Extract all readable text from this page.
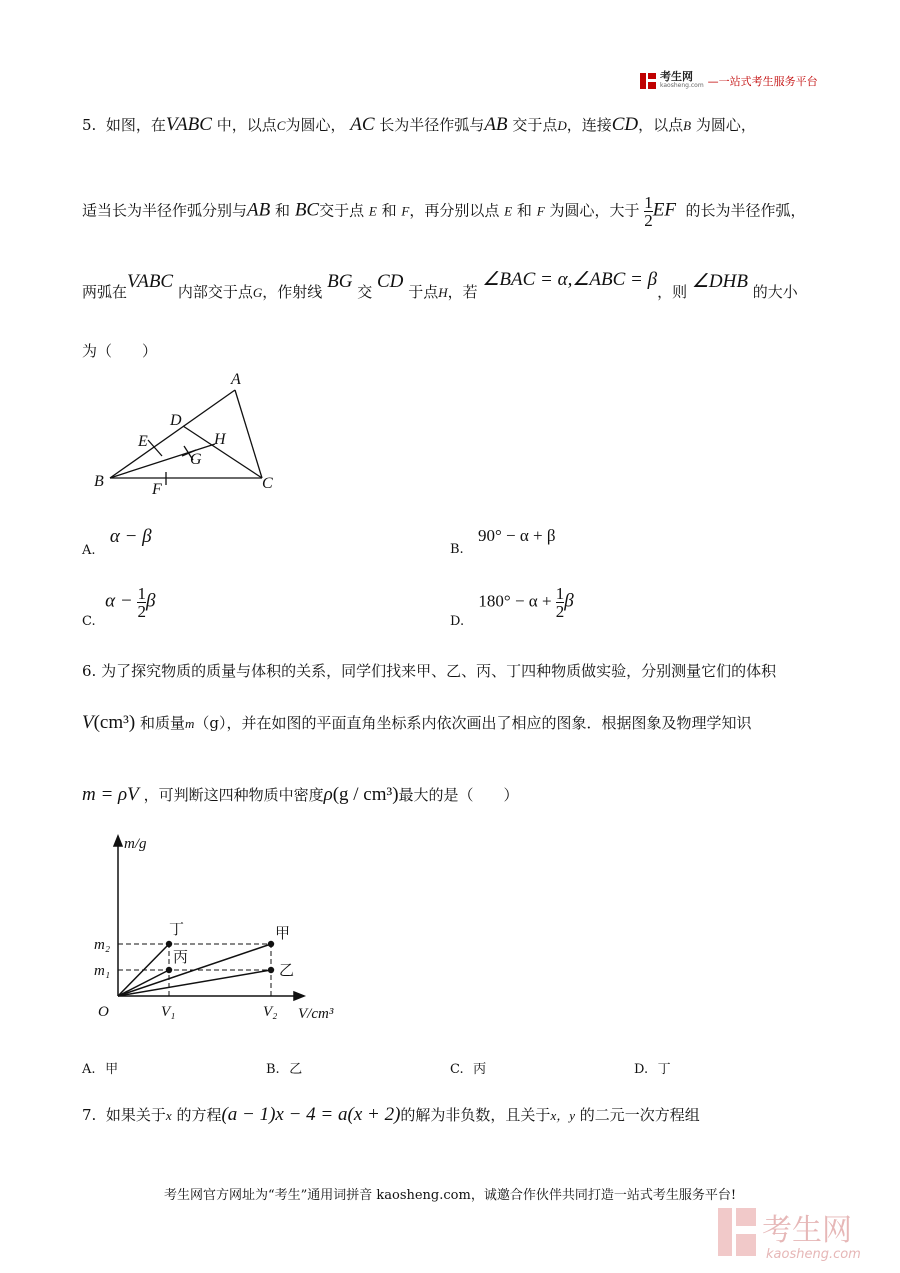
考生网
kaosheng.com —一站式考生服务平台
5. 如图，在VABC 中，以点C为圆心， AC 长为半径作弧与AB 交于点D，连接CD，以点B 为圆心，
适当长为半径作弧分别与AB 和 BC交于点 E 和 F，再分别以点 E 和 F 为圆心，大于 $\frac{1}{2}$ EF 的长为半径作弧，
两弧在VABC 内部交于点G，作射线 BG 交 CD 于点H，若 ∠BAC = α,∠ABC = β，则 ∠DHB 的大小
为（　　）
A
B	C
D
E
F
G
H
A.   α − β
B.   90° − α + β
C.  $\alpha - \frac{1}{2}$ β
D.   $180^\circ - \alpha + \frac{1}{2}$ β
6. 为了探究物质的质量与体积的关系，同学们找来甲、乙、丙、丁四种物质做实验，分别测量它们的体积
V(cm³) 和质量m（g），并在如图的平面直角坐标系内依次画出了相应的图象．根据图象及物理学知识
m = ρV ，可判断这四种物质中密度ρ(g / cm³)最大的是（　　）
m/g
V/cm³
O
m₁
m₂
V₁	V₂
丁	甲
丙
乙
A. 甲	B. 乙	C. 丙	D. 丁
7. 如果关于x 的方程(a − 1)x − 4 = a(x + 2)的解为非负数，且关于x，y 的二元一次方程组
考生网官方网址为“考生”通用词拼音 kaosheng.com，诚邀合作伙伴共同打造一站式考生服务平台!
考生网
kaosheng.com
